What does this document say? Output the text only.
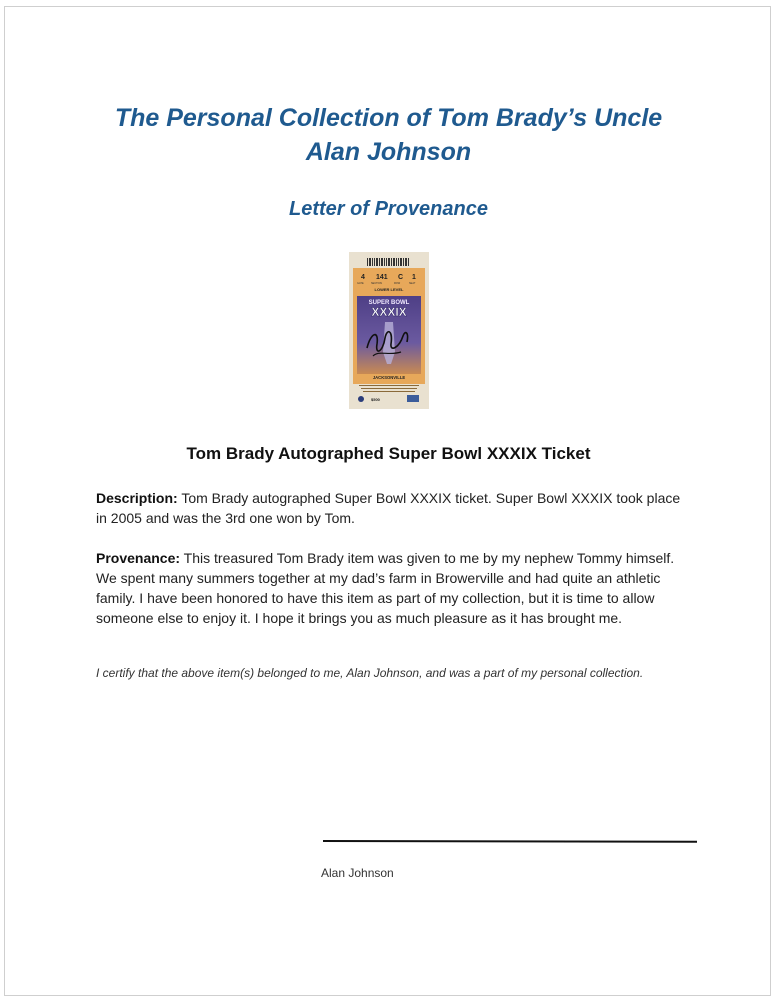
The Personal Collection of Tom Brady’s Uncle
Alan Johnson
Letter of Provenance
4 141 C 1
GATE	SECTION	ROW	SEAT
LOWER LEVEL
SUPER BOWL
XXXIX
JACKSONVILLE
$500
Tom Brady Autographed Super Bowl XXXIX Ticket

Description: Tom Brady autographed Super Bowl XXXIX ticket. Super Bowl XXXIX took place in 2005 and was the 3rd one won by Tom.

Provenance: This treasured Tom Brady item was given to me by my nephew Tommy himself. We spent many summers together at my dad’s farm in Browerville and had quite an athletic family. I have been honored to have this item as part of my collection, but it is time to allow someone else to enjoy it. I hope it brings you as much pleasure as it has brought me.

I certify that the above item(s) belonged to me, Alan Johnson, and was a part of my personal collection.

Alan Johnson
